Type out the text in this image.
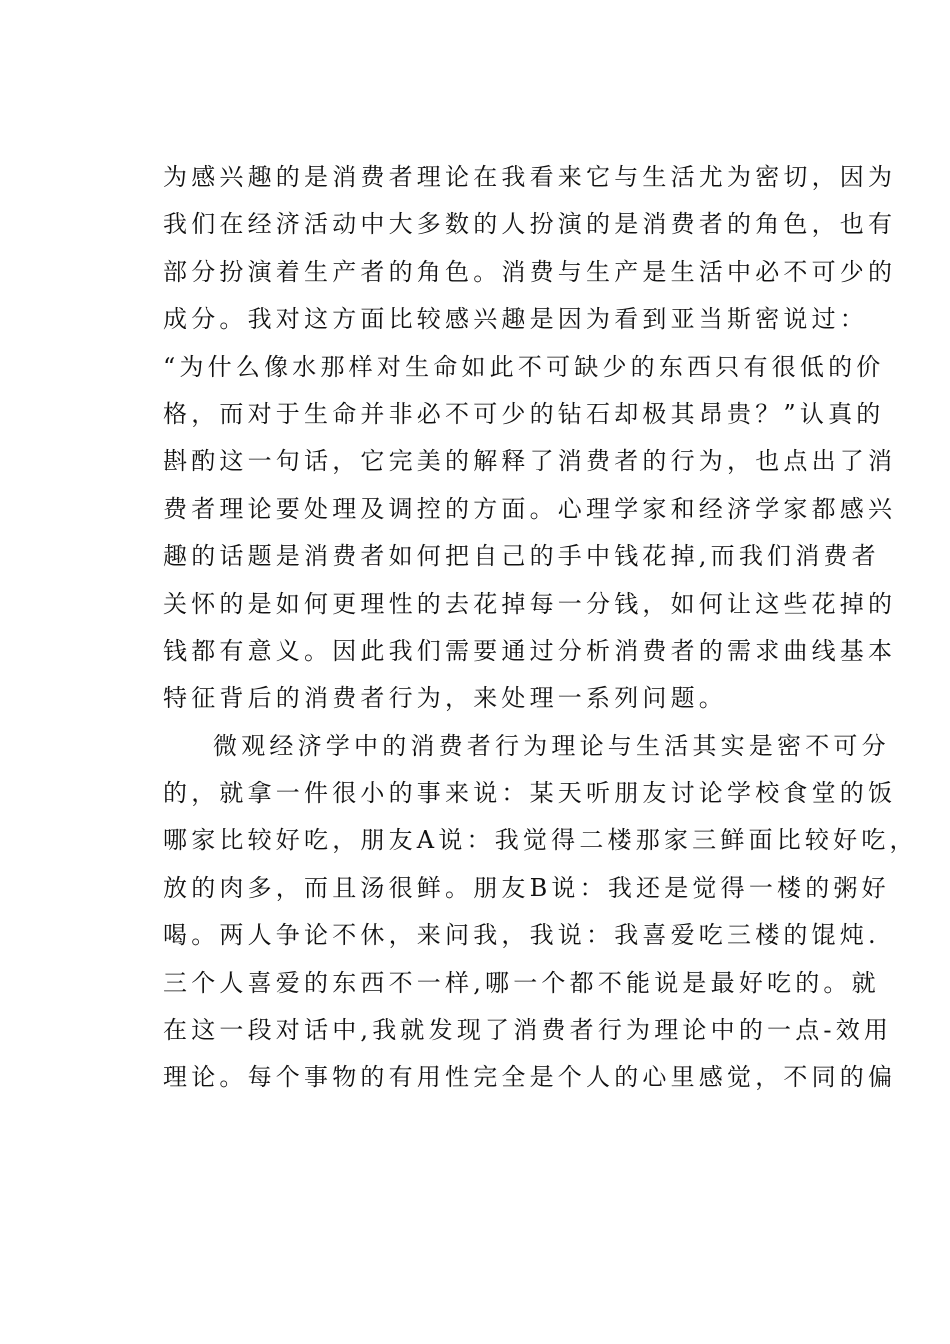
为感兴趣的是消费者理论在我看来它与生活尤为密切，因为
我们在经济活动中大多数的人扮演的是消费者的角色，也有
部分扮演着生产者的角色。消费与生产是生活中必不可少的
成分。我对这方面比较感兴趣是因为看到亚当斯密说过：
“为什么像水那样对生命如此不可缺少的东西只有很低的价
格，而对于生命并非必不可少的钻石却极其昂贵？”认真的
斟酌这一句话，它完美的解释了消费者的行为，也点出了消
费者理论要处理及调控的方面。心理学家和经济学家都感兴
趣的话题是消费者如何把自己的手中钱花掉,而我们消费者
关怀的是如何更理性的去花掉每一分钱，如何让这些花掉的
钱都有意义。因此我们需要通过分析消费者的需求曲线基本
特征背后的消费者行为，来处理一系列问题。
微观经济学中的消费者行为理论与生活其实是密不可分
的，就拿一件很小的事来说：某天听朋友讨论学校食堂的饭
哪家比较好吃，朋友A说：我觉得二楼那家三鲜面比较好吃，
放的肉多，而且汤很鲜。朋友B说：我还是觉得一楼的粥好
喝。两人争论不休，来问我，我说：我喜爱吃三楼的馄炖.
三个人喜爱的东西不一样,哪一个都不能说是最好吃的。就
在这一段对话中,我就发现了消费者行为理论中的一点-效用
理论。每个事物的有用性完全是个人的心里感觉，不同的偏
